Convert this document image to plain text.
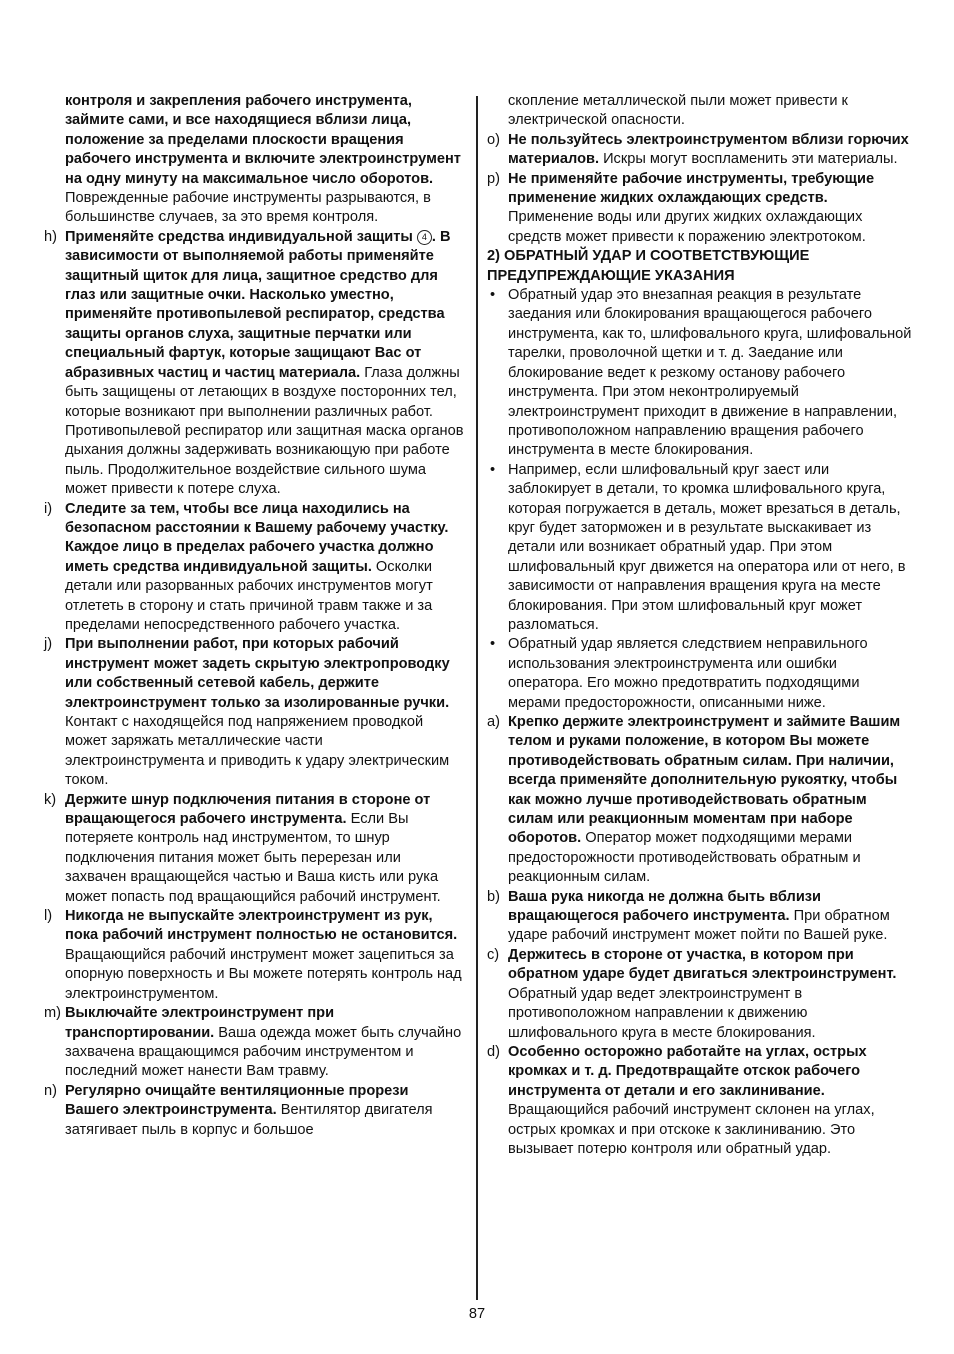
контроля и закрепления рабочего инструмента, займите сами, и все находящиеся вблизи лица, положение за пределами плоскости вращения рабочего инструмента и включите электроинструмент на одну минуту на максимальное число оборотов. Поврежденные рабочие инструменты разрываются, в большинстве случаев, за это время контроля.
h) Применяйте средства индивидуальной защиты 4 . В зависимости от выполняемой работы применяйте защитный щиток для лица, защитное средство для глаз или защитные очки. Насколько уместно, применяйте противопылевой респиратор, средства защиты органов слуха, защитные перчатки или специальный фартук, которые защищают Вас от абразивных частиц и частиц материала. Глаза должны быть защищены от летающих в воздухе посторонних тел, которые возникают при выполнении различных работ. Противопылевой респиратор или защитная маска органов дыхания должны задерживать возникающую при работе пыль. Продолжительное воздействие сильного шума может привести к потере слуха.
i) Следите за тем, чтобы все лица находились на безопасном расстоянии к Вашему рабочему участку. Каждое лицо в пределах рабочего участка должно иметь средства индивидуальной защиты. Осколки детали или разорванных рабочих инструментов могут отлететь в сторону и стать причиной травм также и за пределами непосредственного рабочего участка.
j) При выполнении работ, при которых рабочий инструмент может задеть скрытую электропроводку или собственный сетевой кабель, держите электроинструмент только за изолированные ручки. Контакт с находящейся под напряжением проводкой может заряжать металлические части электроинструмента и приводить к удару электрическим током.
k) Держите шнур подключения питания в стороне от вращающегося рабочего инструмента. Если Вы потеряете контроль над инструментом, то шнур подключения питания может быть перерезан или захвачен вращающейся частью и Ваша кисть или рука может попасть под вращающийся рабочий инструмент.
l) Никогда не выпускайте электроинструмент из рук, пока рабочий инструмент полностью не остановится. Вращающийся рабочий инструмент может зацепиться за опорную поверхность и Вы можете потерять контроль над электроинструментом.
m) Выключайте электроинструмент при транспортировании. Ваша одежда может быть случайно захвачена вращающимся рабочим инструментом и последний может нанести Вам травму.
n) Регулярно очищайте вентиляционные прорези Вашего электроинструмента. Вентилятор двигателя затягивает пыль в корпус и большое
скопление металлической пыли может привести к электрической опасности.
o) Не пользуйтесь электроинструментом вблизи горючих материалов. Искры могут воспламенить эти материалы.
p) Не применяйте рабочие инструменты, требующие применение жидких охлаждающих средств. Применение воды или других жидких охлаждающих средств может привести к поражению электротоком.
2) ОБРАТНЫЙ УДАР И СООТВЕТСТВУЮЩИЕ ПРЕДУПРЕЖДАЮЩИЕ УКАЗАНИЯ
• Обратный удар это внезапная реакция в результате заедания или блокирования вращающегося рабочего инструмента, как то, шлифовального круга, шлифовальной тарелки, проволочной щетки и т. д. Заедание или блокирование ведет к резкому останову рабочего инструмента. При этом неконтролируемый электроинструмент приходит в движение в направлении, противоположном направлению вращения рабочего инструмента в месте блокирования.
• Например, если шлифовальный круг заест или заблокирует в детали, то кромка шлифовального круга, которая погружается в деталь, может врезаться в деталь, круг будет заторможен и в результате выскакивает из детали или возникает обратный удар. При этом шлифовальный круг движется на оператора или от него, в зависимости от направления вращения круга на месте блокирования. При этом шлифовальный круг может разломаться.
• Обратный удар является следствием неправильного использования электроинструмента или ошибки оператора. Его можно предотвратить подходящими мерами предосторожности, описанными ниже.
a) Крепко держите электроинструмент и займите Вашим телом и руками положение, в котором Вы можете противодействовать обратным силам. При наличии, всегда применяйте дополнительную рукоятку, чтобы как можно лучше противодействовать обратным силам или реакционным моментам при наборе оборотов. Оператор может подходящими мерами предосторожности противодействовать обратным и реакционным силам.
b) Ваша рука никогда не должна быть вблизи вращающегося рабочего инструмента. При обратном ударе рабочий инструмент может пойти по Вашей руке.
c) Держитесь в стороне от участка, в котором при обратном ударе будет двигаться электроинструмент. Обратный удар ведет электроинструмент в противоположном направлении к движению шлифовального круга в месте блокирования.
d) Особенно осторожно работайте на углах, острых кромках и т. д. Предотвращайте отскок рабочего инструмента от детали и его заклинивание. Вращающийся рабочий инструмент склонен на углах, острых кромках и при отскоке к заклиниванию. Это вызывает потерю контроля или обратный удар.
87
